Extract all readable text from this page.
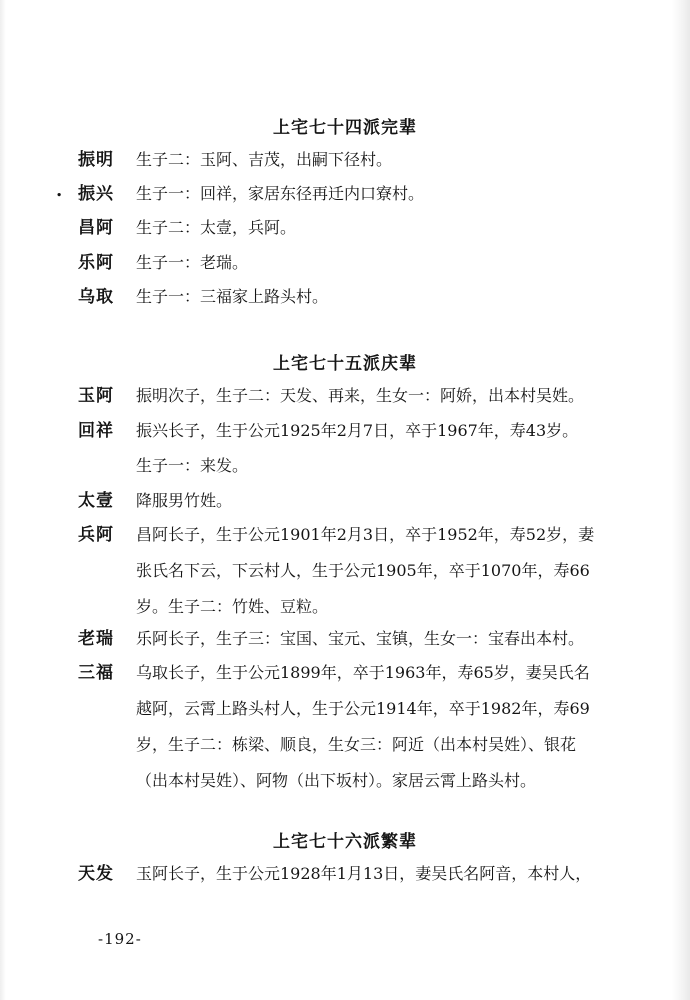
上宅七十四派完辈
振明 生子二：玉阿、吉茂，出嗣下径村。
. 振兴 生子一：回祥，家居东径再迁内口寮村。
昌阿 生子二：太壹，兵阿。
乐阿 生子一：老瑞。
乌取 生子一：三福家上路头村。
上宅七十五派庆辈
玉阿 振明次子，生子二：天发、再来，生女一：阿娇，出本村吴姓。
回祥 振兴长子，生于公元1925年2月7日，卒于1967年，寿43岁。
生子一：来发。
太壹 降服男竹姓。
兵阿 昌阿长子，生于公元1901年2月3日，卒于1952年，寿52岁，妻
张氏名下云，下云村人，生于公元1905年，卒于1070年，寿66
岁。生子二：竹姓、豆粒。
老瑞 乐阿长子，生子三：宝国、宝元、宝镇，生女一：宝春出本村。
三福 乌取长子，生于公元1899年，卒于1963年，寿65岁，妻吴氏名
越阿，云霄上路头村人，生于公元1914年，卒于1982年，寿69
岁，生子二：栋梁、顺良，生女三：阿近（出本村吴姓）、银花
（出本村吴姓）、阿物（出下坂村）。家居云霄上路头村。
上宅七十六派繁辈
天发 玉阿长子，生于公元1928年1月13日，妻吴氏名阿音，本村人，
-192-
